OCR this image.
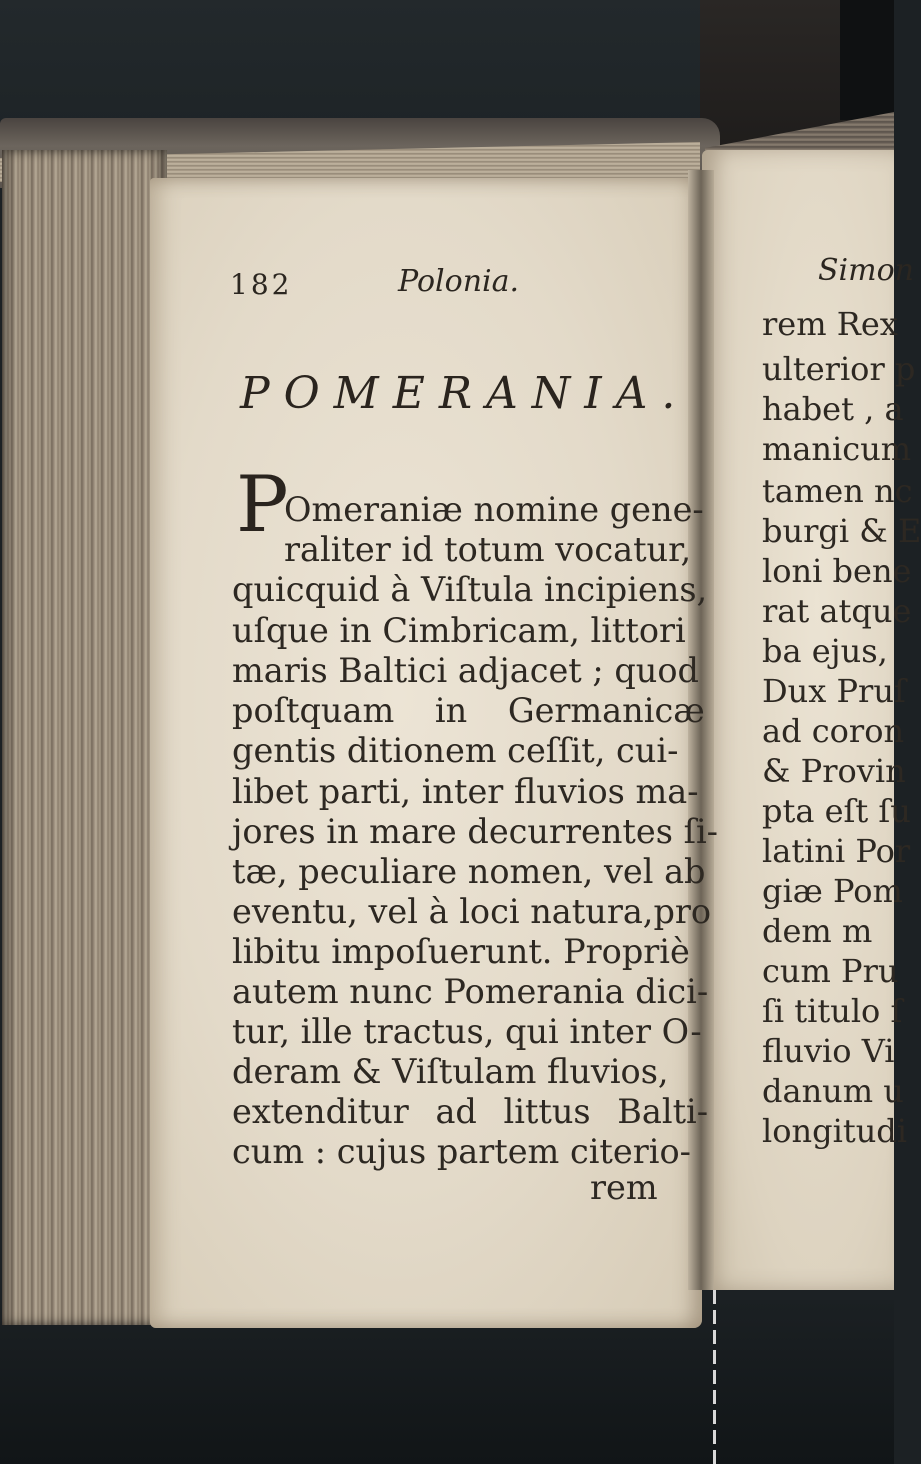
182	Polonia.
POMERANIA.
P
Omeraniæ nomine gene-
raliter id totum vocatur,
quicquid à Viſtula incipiens,
uſque in Cimbricam, littori
maris Baltici adjacet ; quod
poſtquam in Germanicæ
gentis ditionem ceſſit, cui-
libet parti, inter fluvios ma-
jores in mare decurrentes ſi-
tæ, peculiare nomen, vel ab
eventu, vel à loci natura,pro
libitu impoſuerunt. Propriè
autem nunc Pomerania dici-
tur, ille tractus, qui inter O-
deram & Viſtulam fluvios,
extenditur ad littus Balti-
cum : cujus partem citerio-
rem
Simon
rem Rex
ulterior p
habet , a
manicum
tamen nc
burgi & E
loni bene
rat atque
ba ejus,
Dux Pruſ
ad coron
& Provin
pta eſt ſu
latini Por
giæ Pom
dem m
cum Pru
ſi titulo ſ
fluvio Vi
danum u
longitudi
